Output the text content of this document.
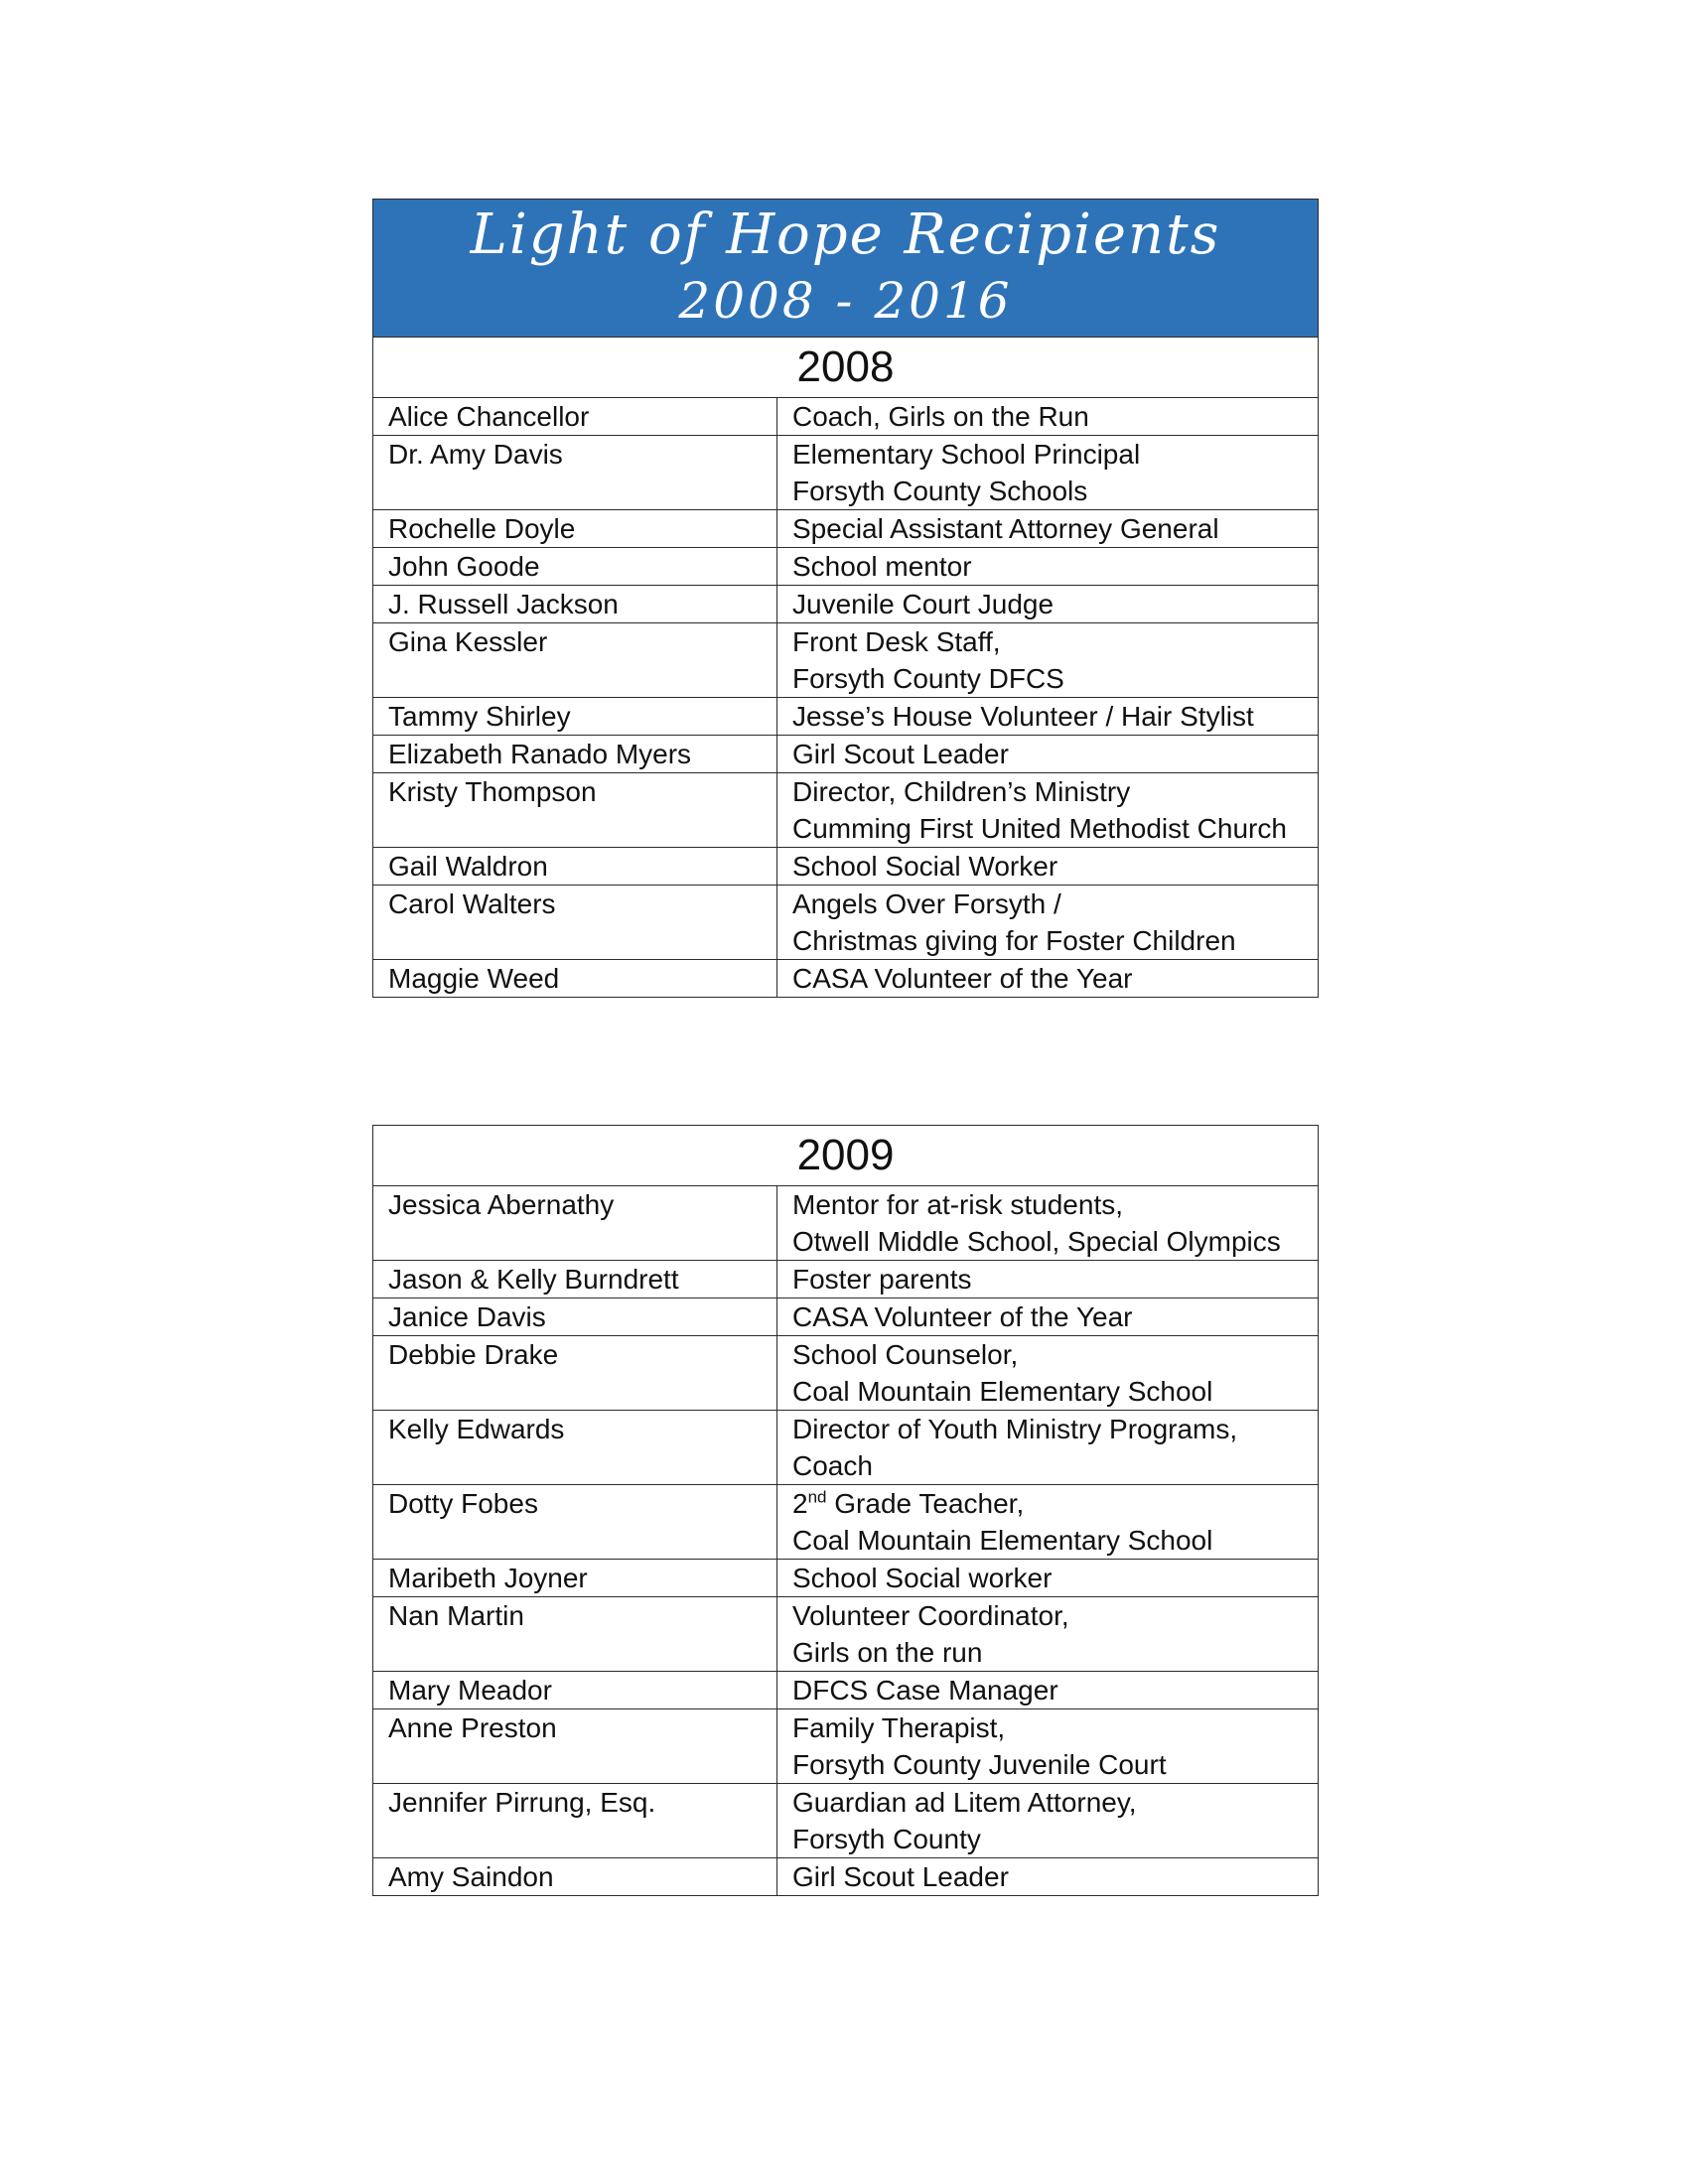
Light of Hope Recipients
2008 - 2016	

2008	
Alice Chancellor	Coach, Girls on the Run

Dr. Amy Davis	Elementary School Principal
Forsyth County Schools

Rochelle Doyle	Special Assistant Attorney General

John Goode	School mentor

J. Russell Jackson	Juvenile Court Judge

Gina Kessler	Front Desk Staff,
Forsyth County DFCS

Tammy Shirley	Jesse’s House Volunteer / Hair Stylist

Elizabeth Ranado Myers	Girl Scout Leader

Kristy Thompson	Director, Children’s Ministry
Cumming First United Methodist Church

Gail Waldron	School Social Worker

Carol Walters	Angels Over Forsyth /
Christmas giving for Foster Children

Maggie Weed	CASA Volunteer of the Year
2009	
Jessica Abernathy	Mentor for at-risk students,
Otwell Middle School, Special Olympics

Jason & Kelly Burndrett	Foster parents

Janice Davis	CASA Volunteer of the Year

Debbie Drake	School Counselor,
Coal Mountain Elementary School

Kelly Edwards	Director of Youth Ministry Programs,
Coach

Dotty Fobes	2nd Grade Teacher,
Coal Mountain Elementary School

Maribeth Joyner	School Social worker

Nan Martin	Volunteer Coordinator,
Girls on the run

Mary Meador	DFCS Case Manager

Anne Preston	Family Therapist,
Forsyth County Juvenile Court

Jennifer Pirrung, Esq.	Guardian ad Litem Attorney,
Forsyth County

Amy Saindon	Girl Scout Leader
